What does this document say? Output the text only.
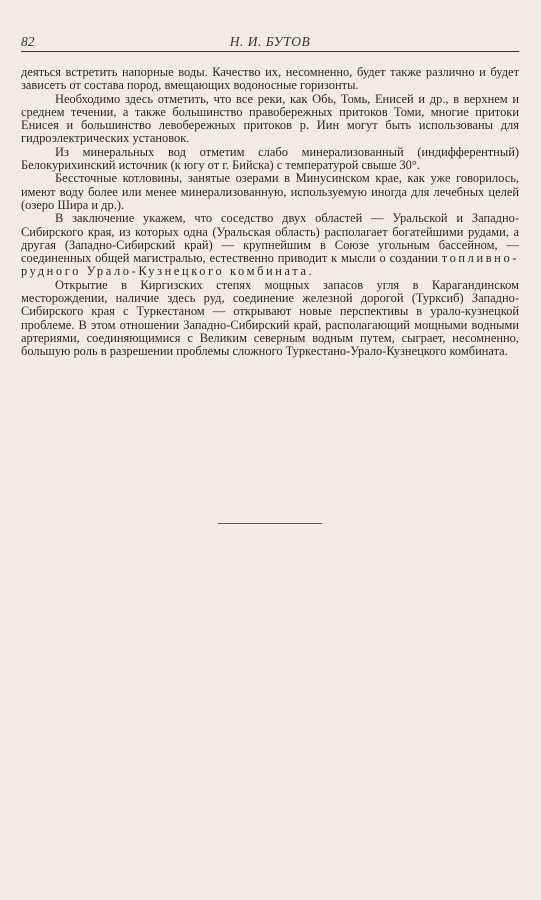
82	Н. И. БУТОВ

деяться встретить напорные воды. Качество их, несомненно, будет также различно и будет зависеть от состава пород, вмещающих водоносные горизонты.

Необходимо здесь отметить, что все реки, как Обь, Томь, Енисей и др., в верхнем и среднем течении, а также большинство правобережных притоков Томи, многие притоки Енисея и большинство левобережных притоков р. Иин могут быть использованы для гидроэлектрических установок.

Из минеральных вод отметим слабо минерализованный (индифферентный) Белокурихинский источник (к югу от г. Бийска) с температурой свыше 30°.

Бессточные котловины, занятые озерами в Минусинском крае, как уже говорилось, имеют воду более или менее минерализованную, используемую иногда для лечебных целей (озеро Шира и др.).

В заключение укажем, что соседство двух областей — Уральской и Западно-Сибирского края, из которых одна (Уральская область) располагает богатейшими рудами, а другая (Западно-Сибирский край) — крупнейшим в Союзе угольным бассейном, — соединенных общей магистралью, естественно приводит к мысли о создании топливно-рудного Урало-Кузнецкого комбината.

Открытие в Киргизских степях мощных запасов угля в Карагандинском месторождении, наличие здесь руд, соединение железной дорогой (Турксиб) Западно-Сибирского края с Туркестаном — открывают новые перспективы в урало-кузнецкой проблеме. В этом отношении Западно-Сибирский край, располагающий мощными водными артериями, соединяющимися с Великим северным водным путем, сыграет, несомненно, большую роль в разрешении проблемы сложного Туркестано-Урало-Кузнецкого комбината.
